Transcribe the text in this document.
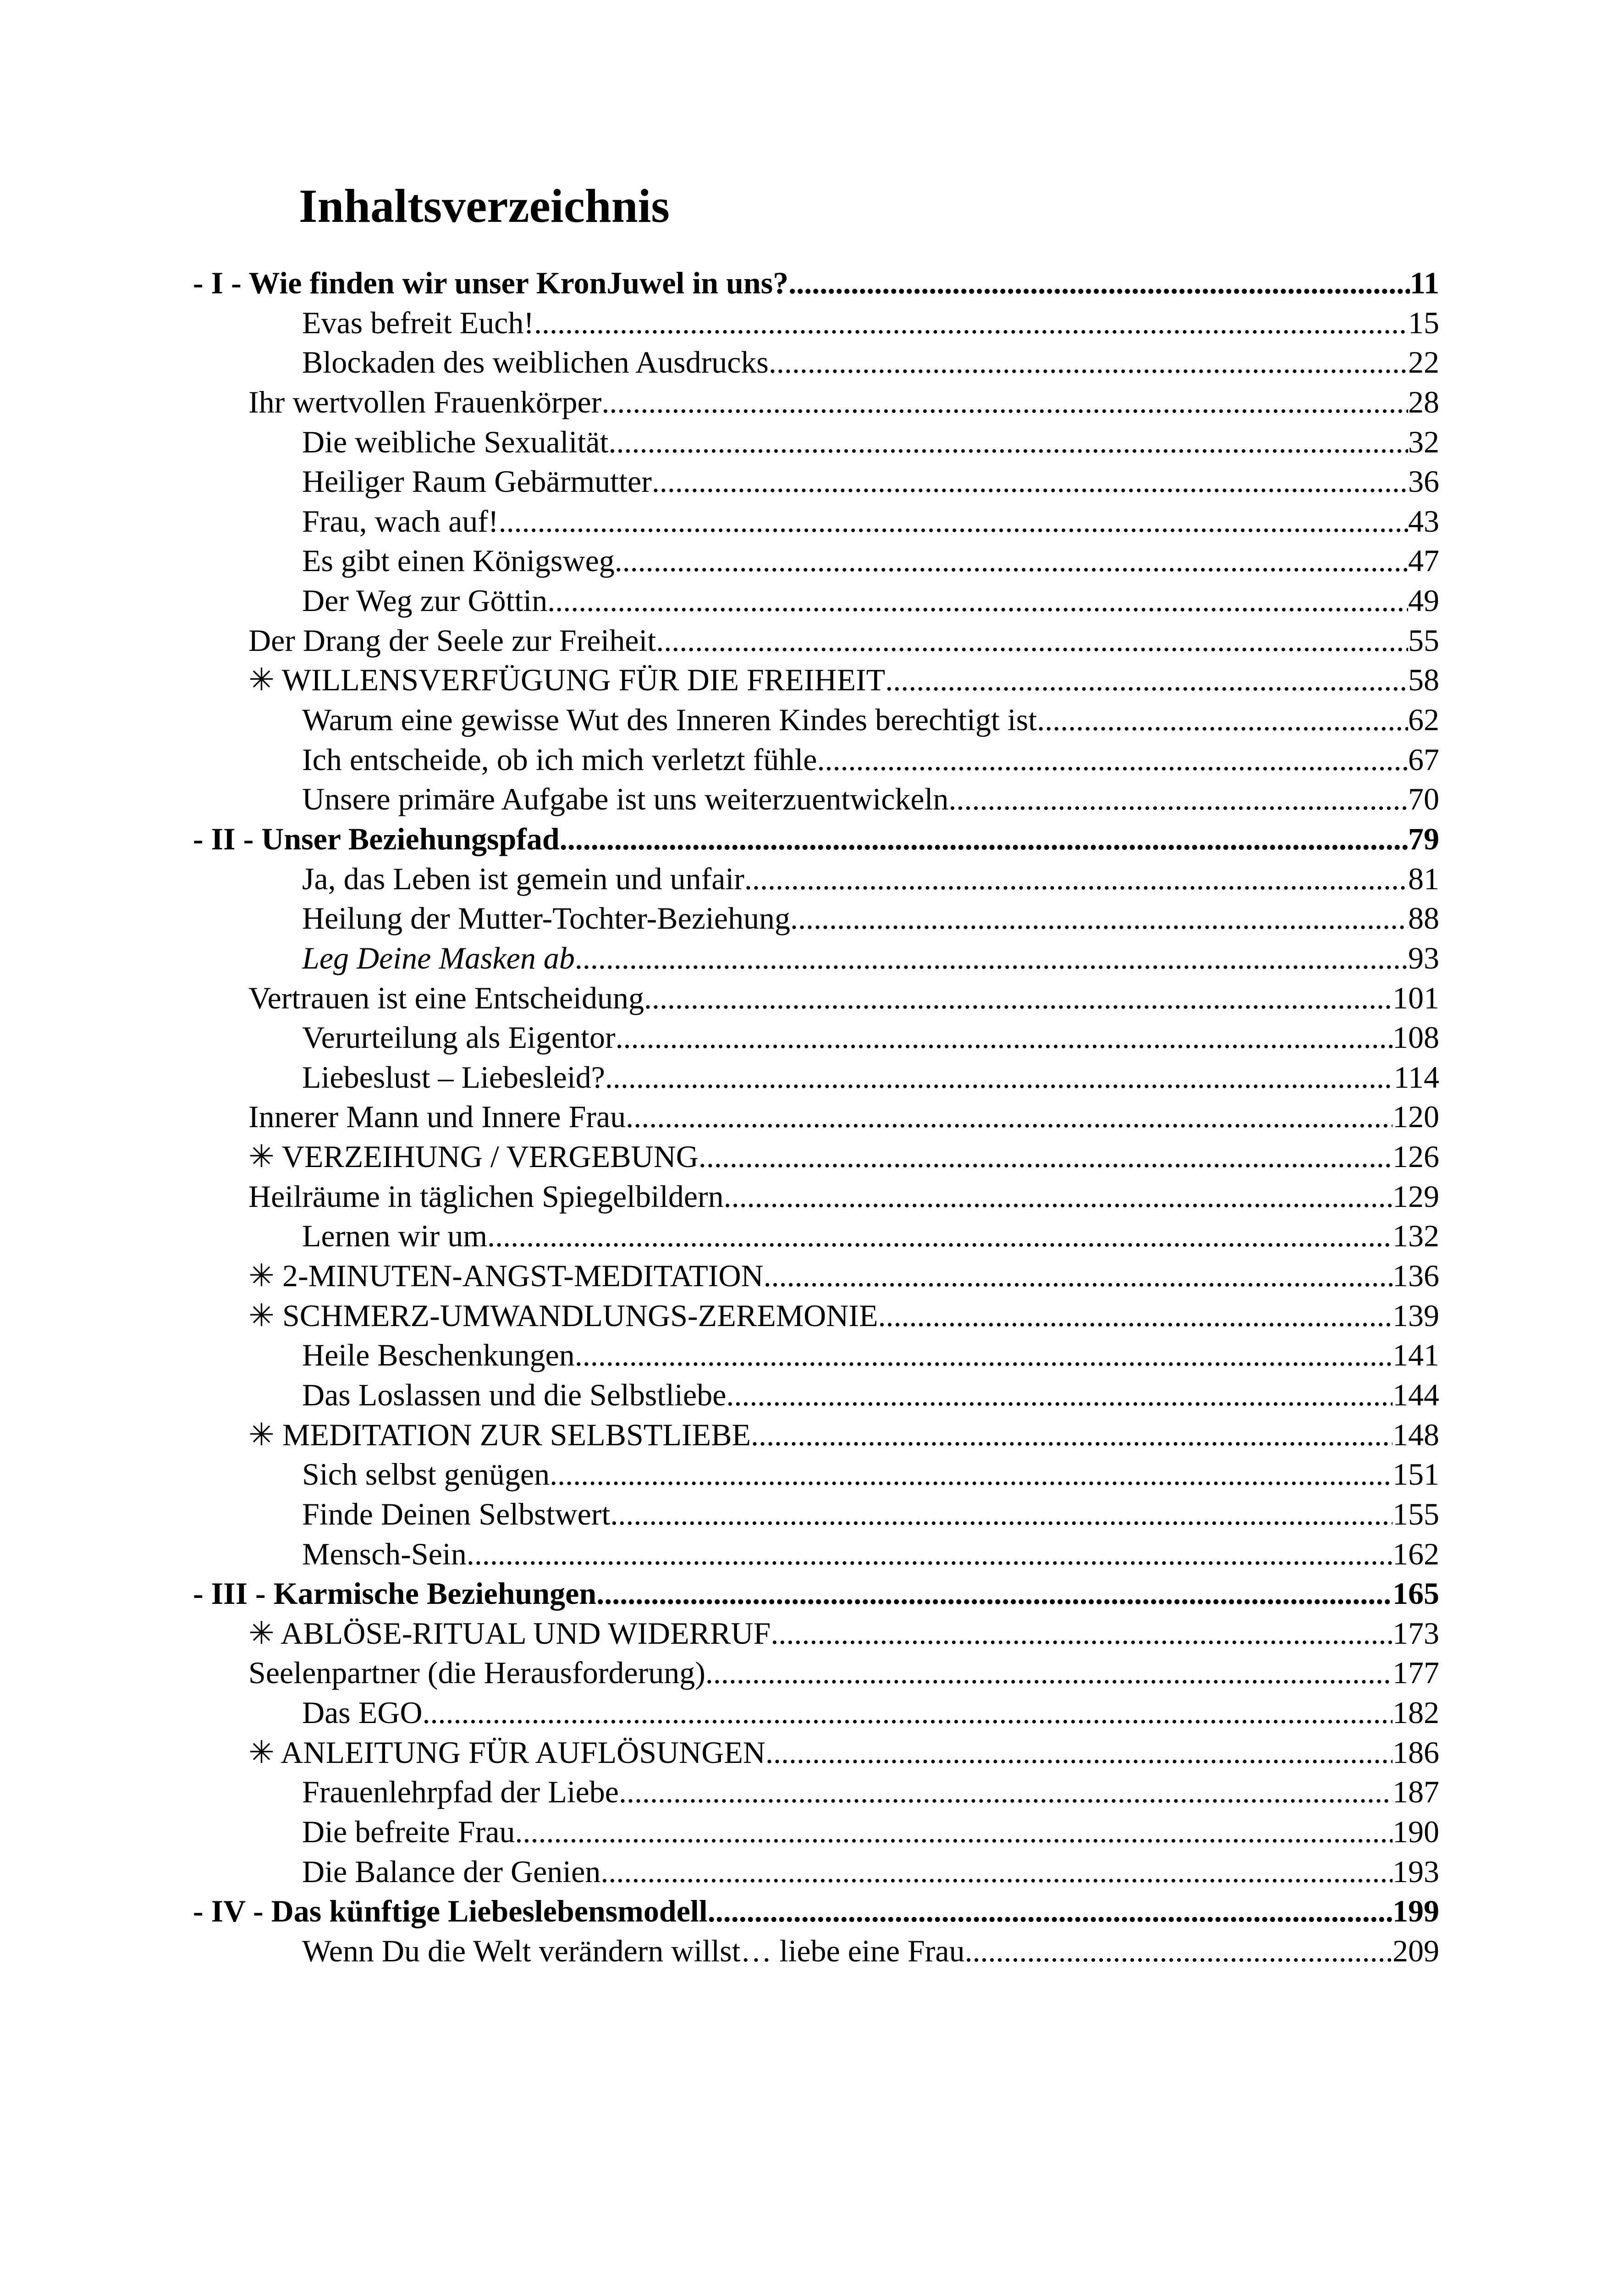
Inhaltsverzeichnis
- I - Wie finden wir unser KronJuwel in uns? .....	11
Evas befreit Euch! .....	15
Blockaden des weiblichen Ausdrucks .....	22
Ihr wertvollen Frauenkörper .....	28
Die weibliche Sexualität .....	32
Heiliger Raum Gebärmutter .....	36
Frau, wach auf! .....	43
Es gibt einen Königsweg .....	47
Der Weg zur Göttin .....	49
Der Drang der Seele zur Freiheit .....	55
✳ WILLENSVERFÜGUNG FÜR DIE FREIHEIT .....	58
Warum eine gewisse Wut des Inneren Kindes berechtigt ist .....	62
Ich entscheide, ob ich mich verletzt fühle .....	67
Unsere primäre Aufgabe ist uns weiterzuentwickeln .....	70
- II - Unser Beziehungspfad .....	79
Ja, das Leben ist gemein und unfair .....	81
Heilung der Mutter-Tochter-Beziehung .....	88
Leg Deine Masken ab .....	93
Vertrauen ist eine Entscheidung .....	101
Verurteilung als Eigentor .....	108
Liebeslust – Liebesleid? .....	114
Innerer Mann und Innere Frau .....	120
✳ VERZEIHUNG / VERGEBUNG .....	126
Heilräume in täglichen Spiegelbildern .....	129
Lernen wir um .....	132
✳ 2-MINUTEN-ANGST-MEDITATION .....	136
✳ SCHMERZ-UMWANDLUNGS-ZEREMONIE .....	139
Heile Beschenkungen .....	141
Das Loslassen und die Selbstliebe .....	144
✳ MEDITATION ZUR SELBSTLIEBE .....	148
Sich selbst genügen .....	151
Finde Deinen Selbstwert .....	155
Mensch-Sein .....	162
- III - Karmische Beziehungen .....	165
✳ ABLÖSE-RITUAL UND WIDERRUF .....	173
Seelenpartner (die Herausforderung) .....	177
Das EGO .....	182
✳ ANLEITUNG FÜR AUFLÖSUNGEN .....	186
Frauenlehrpfad der Liebe .....	187
Die befreite Frau .....	190
Die Balance der Genien .....	193
- IV - Das künftige Liebeslebensmodell .....	199
Wenn Du die Welt verändern willst… liebe eine Frau .....	209
